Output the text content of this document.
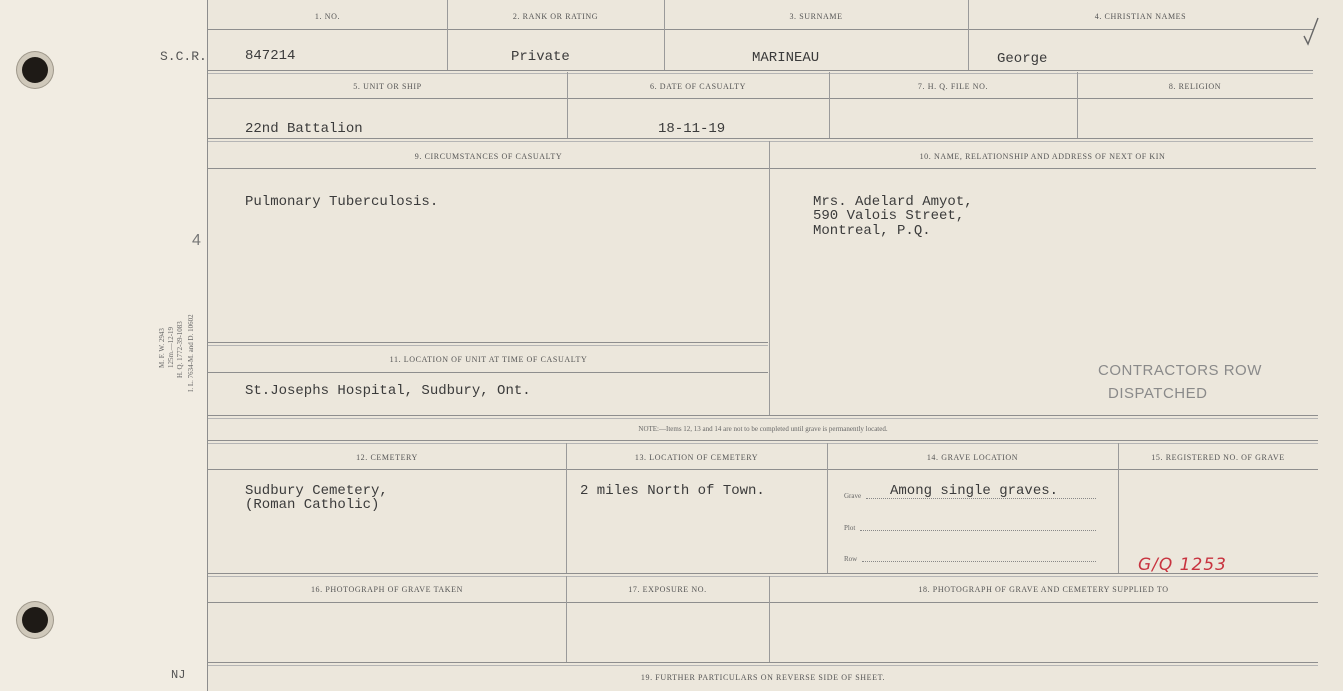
S.C.R.
4
M. F. W. 2943 125m.—12-19 H. Q. 1772-39-1083 I. L. 7634-M. and D. 10602
NJ
1. NO.	2. RANK OR RATING	3. SURNAME	4. CHRISTIAN NAMES
847214	Private	MARINEAU	George
5. UNIT OR SHIP	6. DATE OF CASUALTY	7. H. Q. FILE NO.	8. RELIGION
22nd Battalion	18-11-19
9. CIRCUMSTANCES OF CASUALTY	10. NAME, RELATIONSHIP AND ADDRESS OF NEXT OF KIN
Pulmonary Tuberculosis.	Mrs. Adelard Amyot,
590 Valois Street,
Montreal, P.Q.
11. LOCATION OF UNIT AT TIME OF CASUALTY
St.Josephs Hospital, Sudbury, Ont.
CONTRACTORS ROW
DISPATCHED
NOTE:—Items 12, 13 and 14 are not to be completed until grave is permanently located.
12. CEMETERY	13. LOCATION OF CEMETERY	14. GRAVE LOCATION	15. REGISTERED NO. OF GRAVE
Sudbury Cemetery,
(Roman Catholic)
2 miles North of Town.	Grave Among single graves.
Plot
Row	G/Q 1253
16. PHOTOGRAPH OF GRAVE TAKEN	17. EXPOSURE NO.	18. PHOTOGRAPH OF GRAVE AND CEMETERY SUPPLIED TO
19. FURTHER PARTICULARS ON REVERSE SIDE OF SHEET.
